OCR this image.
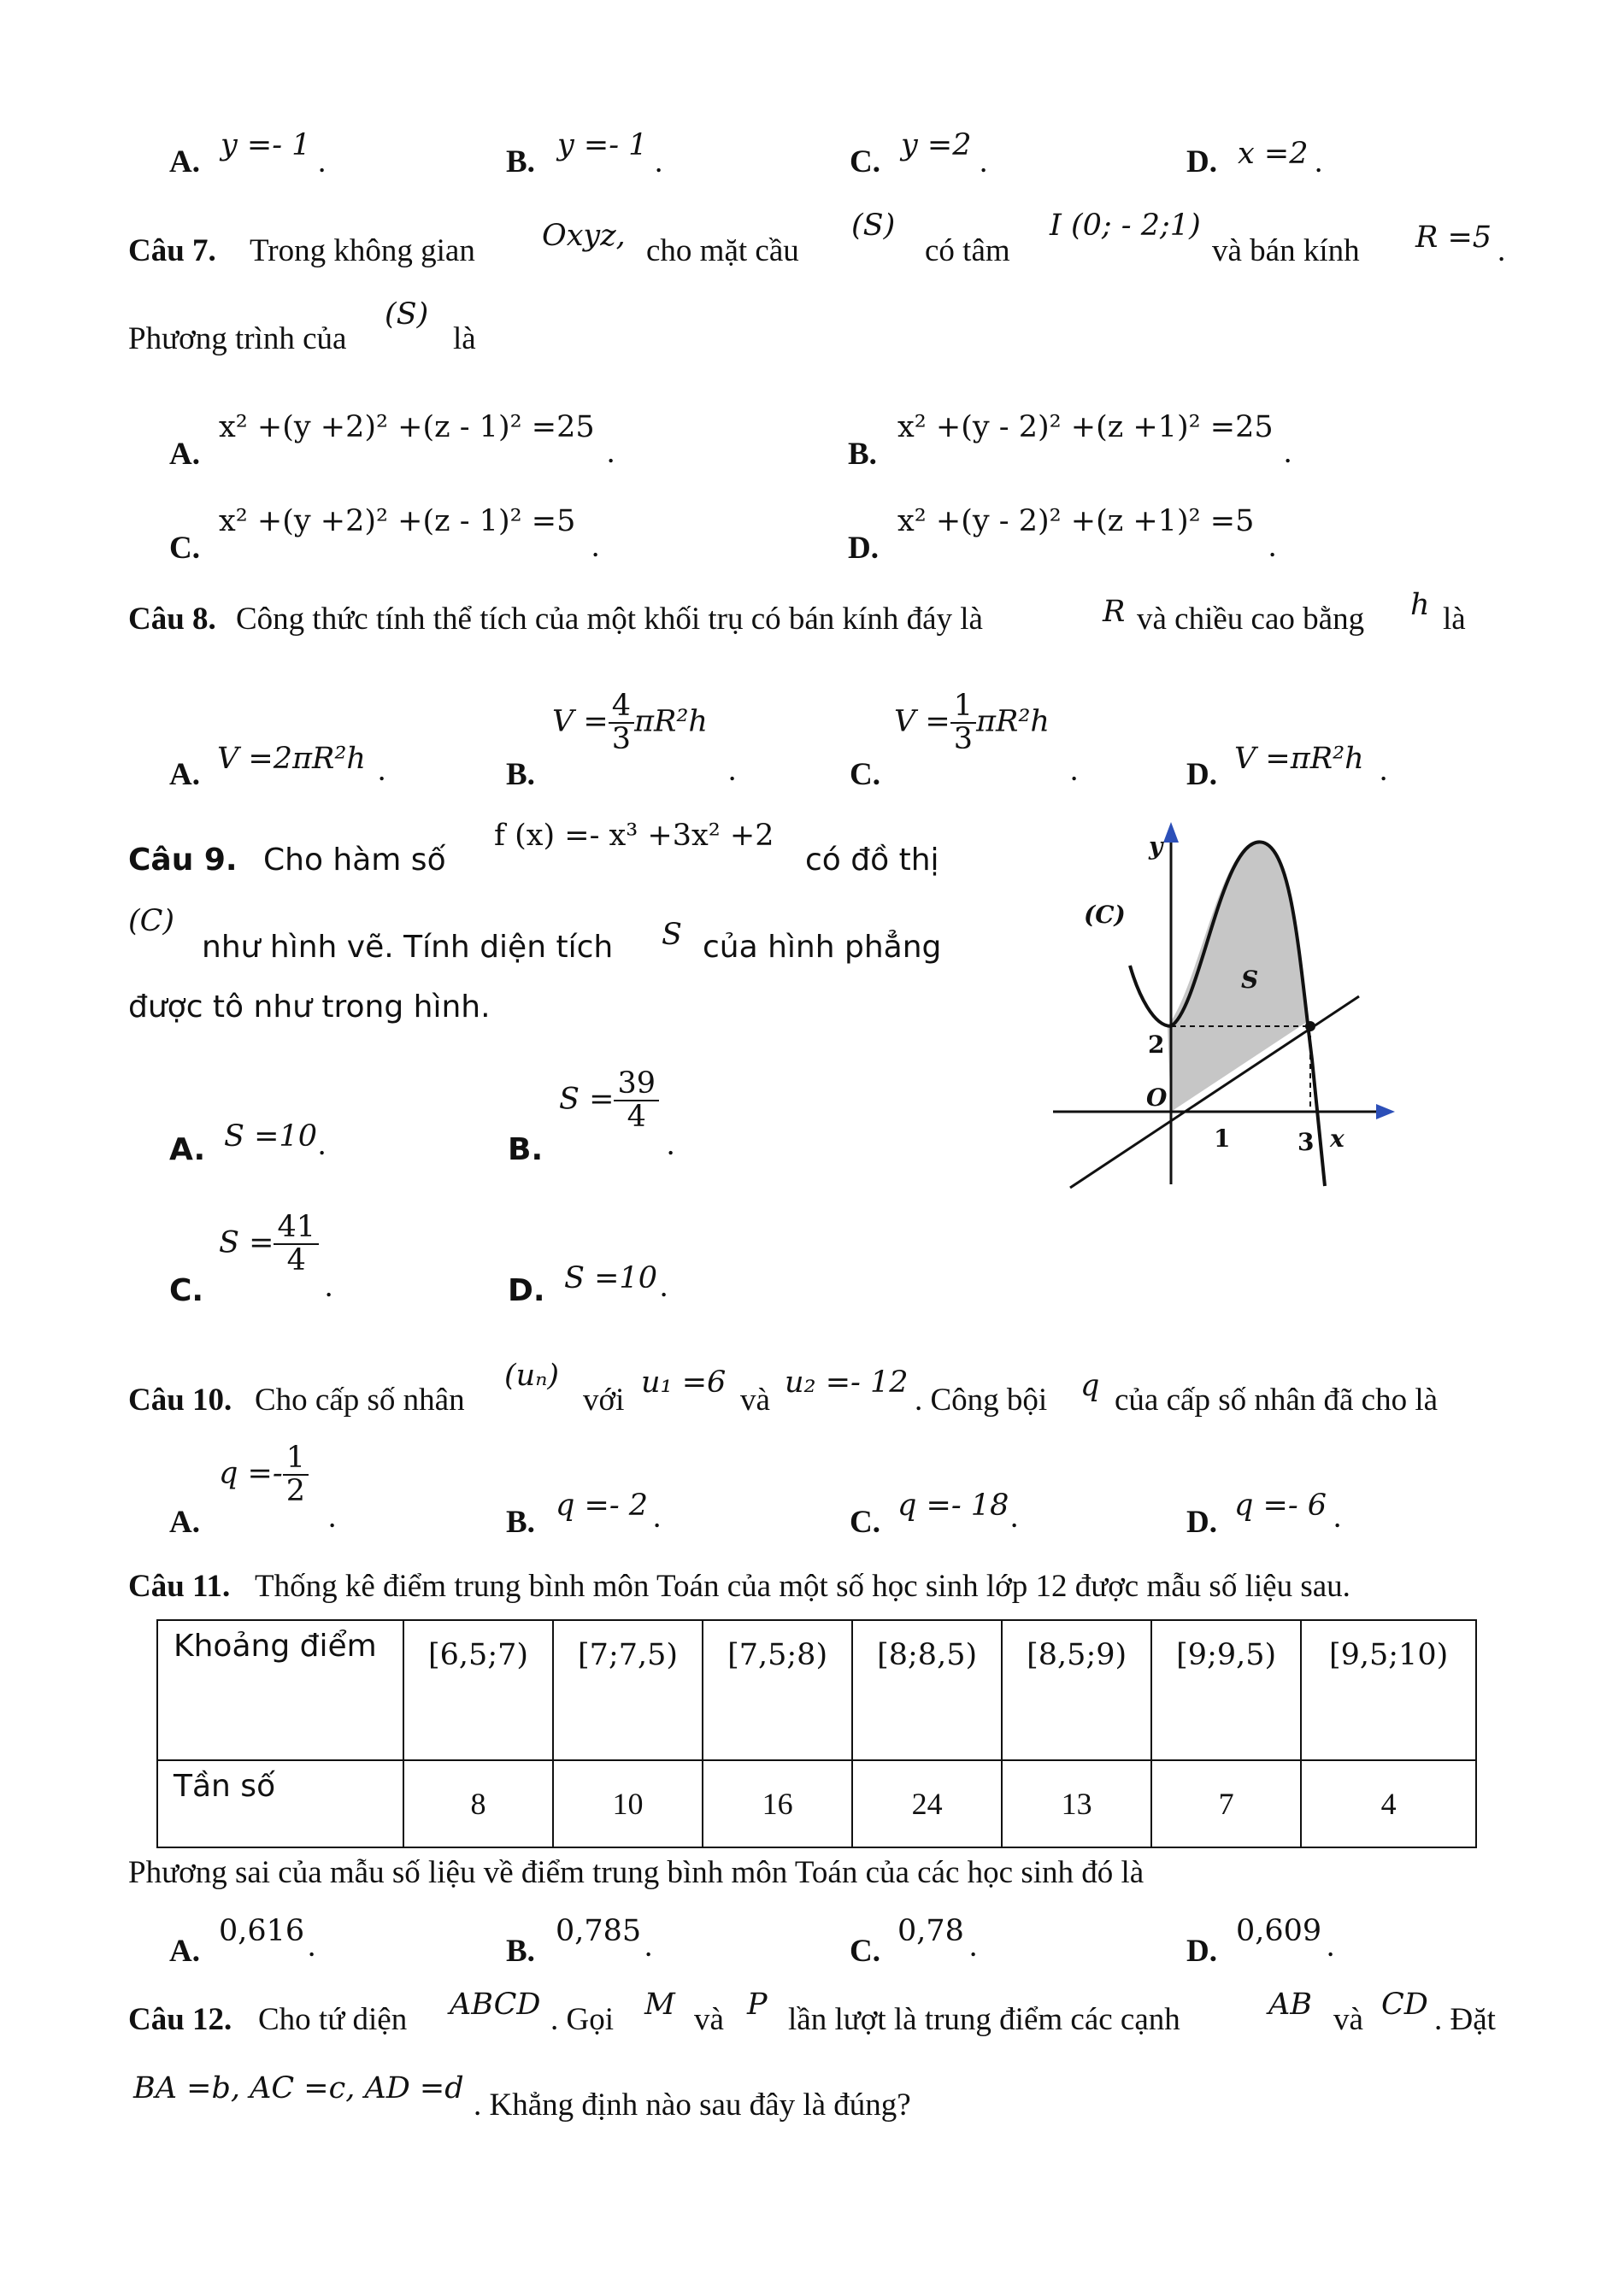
A. y =- 1 .	B. y =- 1 .	C. y =2 .	D. x =2 .
Câu 7. Trong không gian Oxyz, cho mặt cầu
(S)
có tâm
I (0; - 2;1)
và bán kính R =5 .
Phương trình của
(S)
là
A.
x² +(y +2)² +(z - 1)² =25
.	B.
x² +(y - 2)² +(z +1)² =25
.
C.
x² +(y +2)² +(z - 1)² =5
.	D.
x² +(y - 2)² +(z +1)² =5
.
Câu 8. Công thức tính thể tích của một khối trụ có bán kính đáy là	R và chiều cao bằng h là
A. V =2πR²h .	B.
$V = \frac{4}{3} \pi R^2h$
.	C.
$V = \frac{1}{3} \pi R^2h$
.	D. V =πR²h .
Câu 9. Cho hàm số
f (x) =- x³ +3x² +2
có đồ thị
(C)
như hình vẽ. Tính diện tích S của hình phẳng
được tô như trong hình.
A. S =10 .	B.
$S = \frac{39}{4}$
.
C.
$S = \frac{41}{4}$
.	D. S =10 .
y
(C)
S
2
O
1	3 x
Câu 10. Cho cấp số nhân
(uₙ)
với u₁ =6 và u₂ =- 12 . Công bội q của cấp số nhân đã cho là
A.
$q =- \frac{1}{2}$
.	B. q =- 2 .	C. q =- 18 .	D. q =- 6 .
Câu 11. Thống kê điểm trung bình môn Toán của một số học sinh lớp 12 được mẫu số liệu sau.
Khoảng điểm	[6,5;7)	[7;7,5)	[7,5;8)	[8;8,5)	[8,5;9)	[9;9,5)	[9,5;10)
Tần số	8	10	16	24	13	7	4
Phương sai của mẫu số liệu về điểm trung bình môn Toán của các học sinh đó là
A.
0,616 .	B.
0,785 .	C.
0,78 .	D.
0,609 .
Câu 12. Cho tứ diện ABCD . Gọi M và P lần lượt là trung điểm các cạnh	AB và CD . Đặt
BA =b, AC =c, AD =d . Khẳng định nào sau đây là đúng?
